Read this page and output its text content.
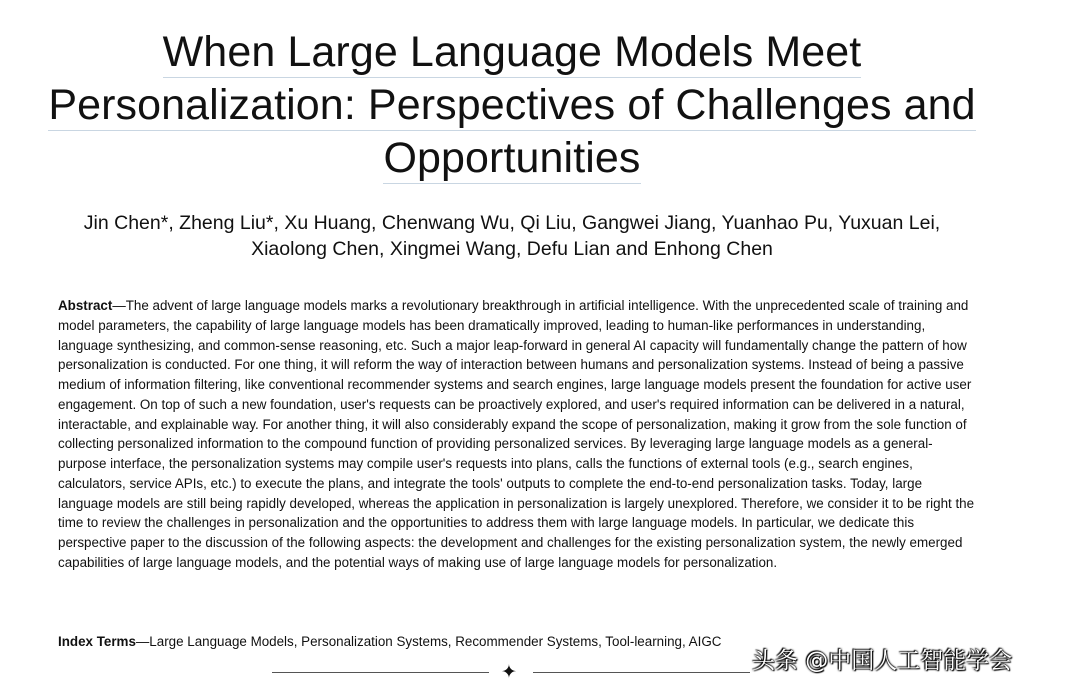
When Large Language Models Meet
Personalization: Perspectives of Challenges and
Opportunities
Jin Chen*, Zheng Liu*, Xu Huang, Chenwang Wu, Qi Liu, Gangwei Jiang, Yuanhao Pu, Yuxuan Lei,
Xiaolong Chen, Xingmei Wang, Defu Lian and Enhong Chen
Abstract—The advent of large language models marks a revolutionary breakthrough in artificial intelligence. With the unprecedented scale of training and model parameters, the capability of large language models has been dramatically improved, leading to human-like performances in understanding, language synthesizing, and common-sense reasoning, etc. Such a major leap-forward in general AI capacity will fundamentally change the pattern of how personalization is conducted. For one thing, it will reform the way of interaction between humans and personalization systems. Instead of being a passive medium of information filtering, like conventional recommender systems and search engines, large language models present the foundation for active user engagement. On top of such a new foundation, user's requests can be proactively explored, and user's required information can be delivered in a natural, interactable, and explainable way. For another thing, it will also considerably expand the scope of personalization, making it grow from the sole function of collecting personalized information to the compound function of providing personalized services. By leveraging large language models as a general-purpose interface, the personalization systems may compile user's requests into plans, calls the functions of external tools (e.g., search engines, calculators, service APIs, etc.) to execute the plans, and integrate the tools' outputs to complete the end-to-end personalization tasks. Today, large language models are still being rapidly developed, whereas the application in personalization is largely unexplored. Therefore, we consider it to be right the time to review the challenges in personalization and the opportunities to address them with large language models. In particular, we dedicate this perspective paper to the discussion of the following aspects: the development and challenges for the existing personalization system, the newly emerged capabilities of large language models, and the potential ways of making use of large language models for personalization.
Index Terms—Large Language Models, Personalization Systems, Recommender Systems, Tool-learning, AIGC
✦	头条 @中国人工智能学会
